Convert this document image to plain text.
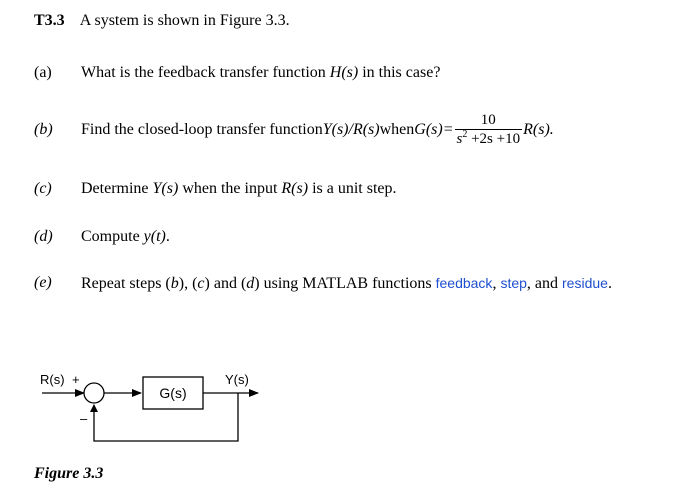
T3.3 A system is shown in Figure 3.3.
(a) What is the feedback transfer function H(s) in this case?
(b) Find the closed-loop transfer function Y(s)/R(s) when $G(s)= \frac{10}{s^2 +2s +10} R(s)$.
(c) Determine Y(s) when the input R(s) is a unit step.
(d) Compute y(t).
(e) Repeat steps (b), (c) and (d) using MATLAB functions feedback, step, and residue.
R(s) +
–
G(s)
Y(s)
Figure 3.3
